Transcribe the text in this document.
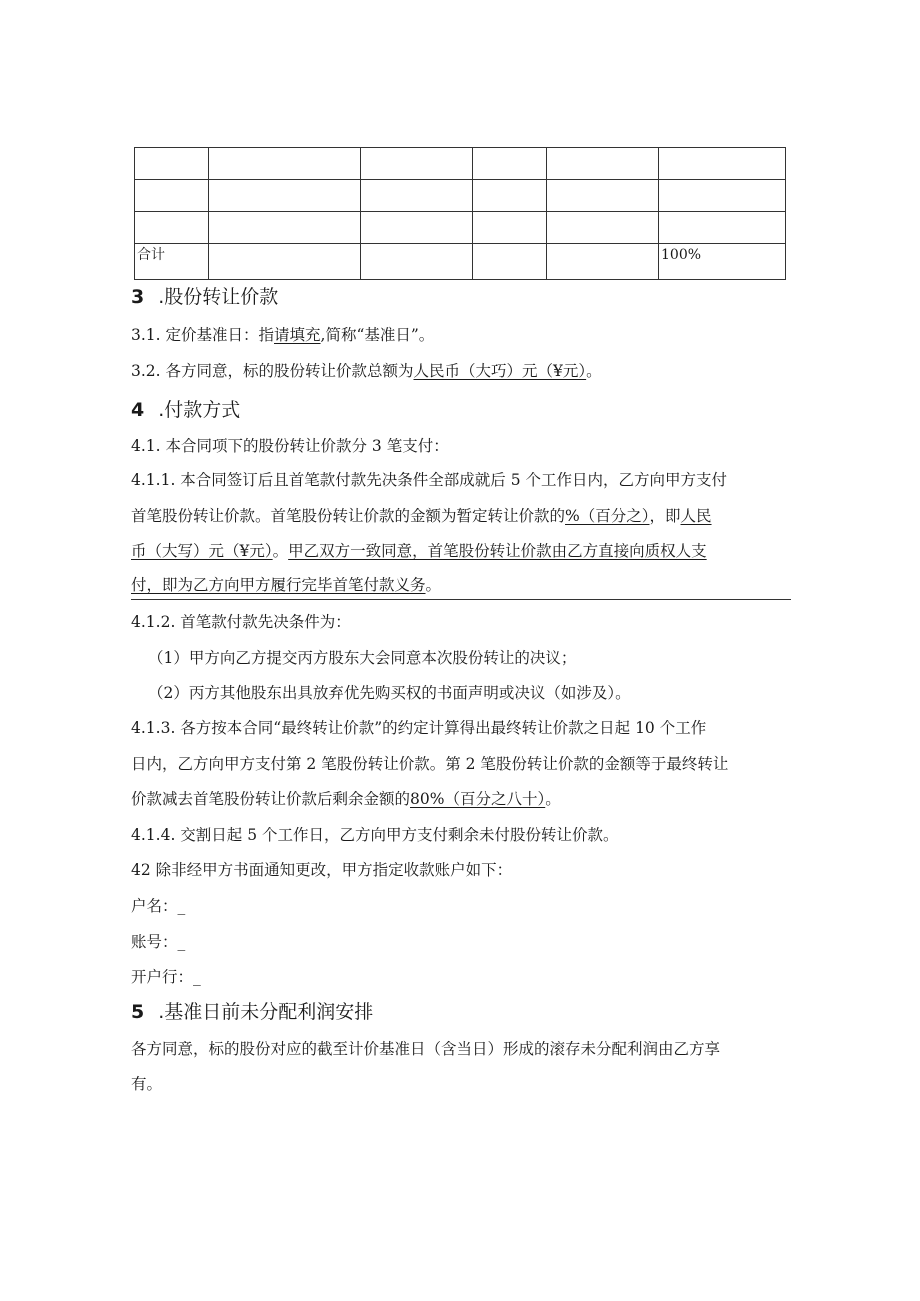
合计					100%
3 .股份转让价款
3.1. 定价基准日：指请填充,简称“基准日”。
3.2. 各方同意，标的股份转让价款总额为人民币（大巧）元（¥元）。
4 .付款方式
4.1. 本合同项下的股份转让价款分 3 笔支付：
4.1.1. 本合同签订后且首笔款付款先决条件全部成就后 5 个工作日内，乙方向甲方支付
首笔股份转让价款。首笔股份转让价款的金额为暂定转让价款的%（百分之），即人民
币（大写）元（¥元）。甲乙双方一致同意，首笔股份转让价款由乙方直接向质权人支
付，即为乙方向甲方履行完毕首笔付款义务。
4.1.2. 首笔款付款先决条件为：
（1）甲方向乙方提交丙方股东大会同意本次股份转让的决议；
（2）丙方其他股东出具放弃优先购买权的书面声明或决议（如涉及）。
4.1.3. 各方按本合同“最终转让价款”的约定计算得出最终转让价款之日起 10 个工作
日内，乙方向甲方支付第 2 笔股份转让价款。第 2 笔股份转让价款的金额等于最终转让
价款减去首笔股份转让价款后剩余金额的80%（百分之八十）。
4.1.4. 交割日起 5 个工作日，乙方向甲方支付剩余未付股份转让价款。
42 除非经甲方书面通知更改，甲方指定收款账户如下：
户名：_
账号：_
开户行：_
5 .基准日前未分配利润安排
各方同意，标的股份对应的截至计价基准日（含当日）形成的滚存未分配利润由乙方享
有。
